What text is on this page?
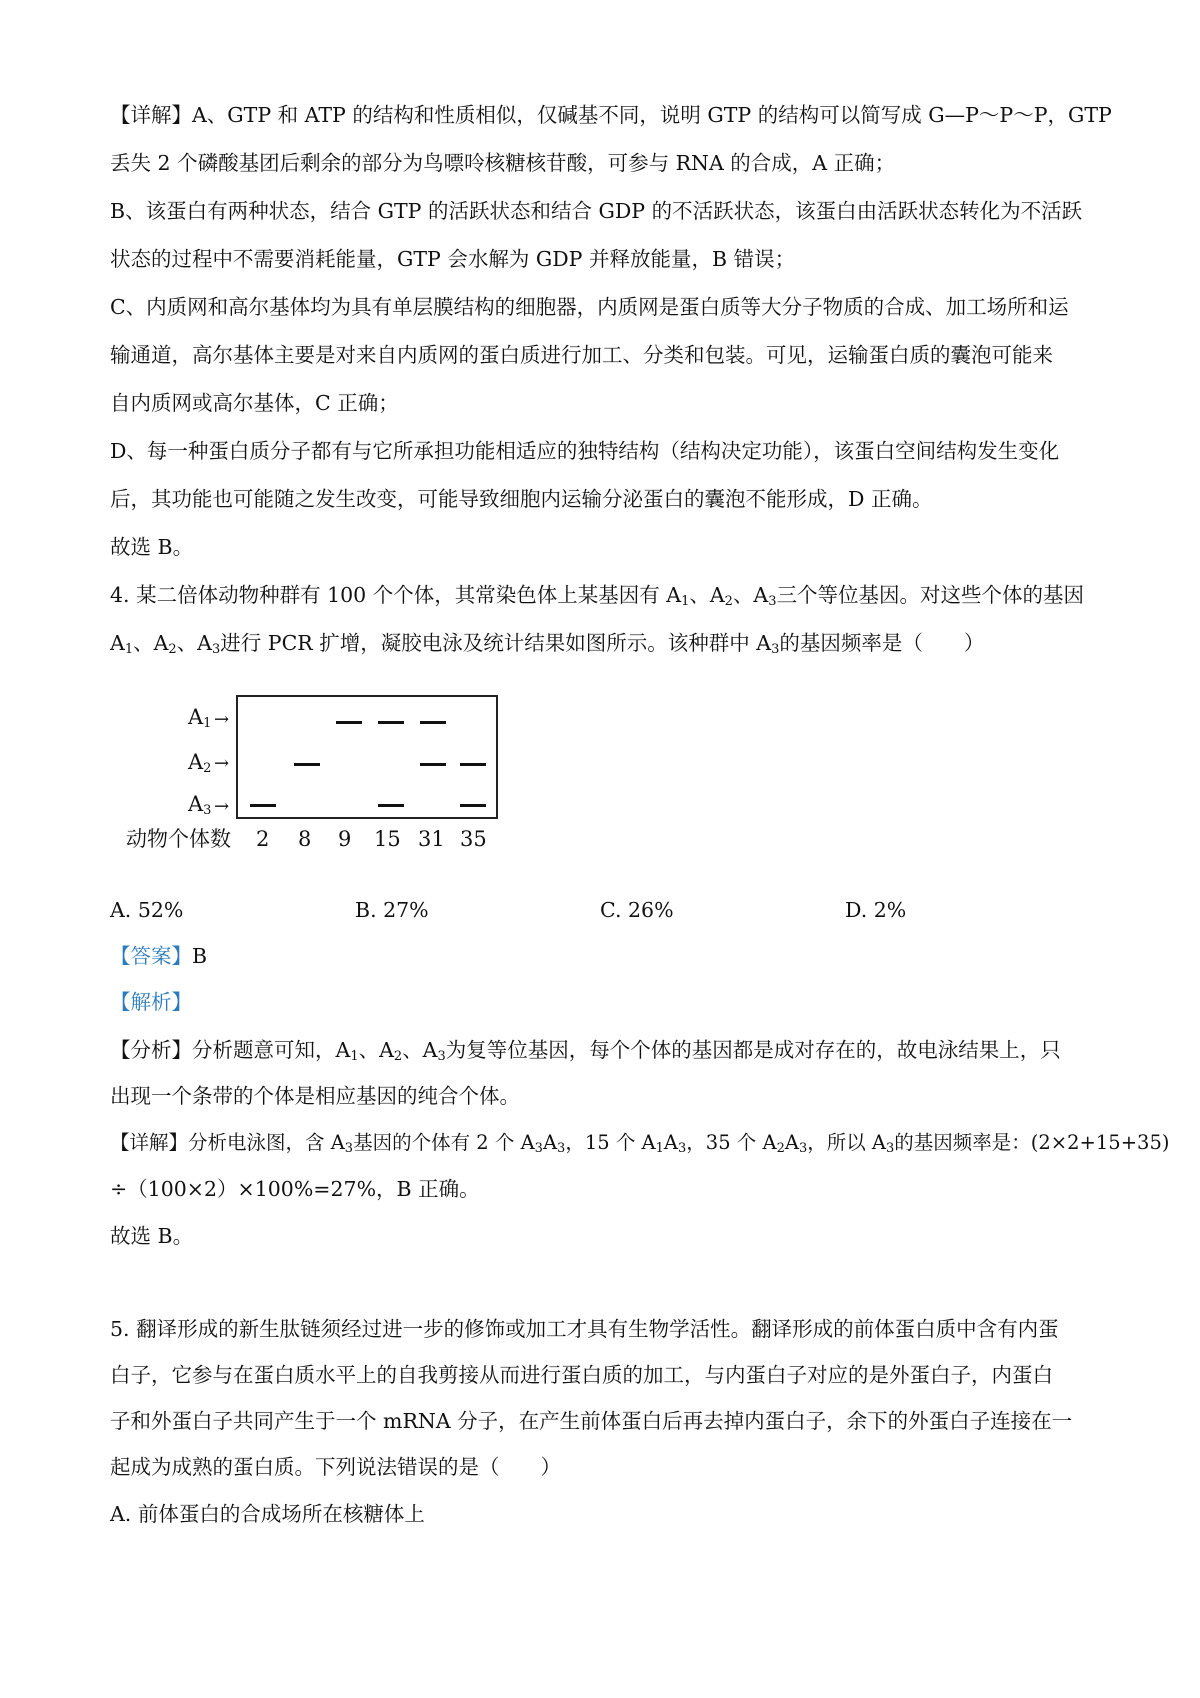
【详解】A、GTP 和 ATP 的结构和性质相似，仅碱基不同，说明 GTP 的结构可以简写成 G—P～P～P，GTP
丢失 2 个磷酸基团后剩余的部分为鸟嘌呤核糖核苷酸，可参与 RNA 的合成，A 正确；
B、该蛋白有两种状态，结合 GTP 的活跃状态和结合 GDP 的不活跃状态，该蛋白由活跃状态转化为不活跃
状态的过程中不需要消耗能量，GTP 会水解为 GDP 并释放能量，B 错误；
C、内质网和高尔基体均为具有单层膜结构的细胞器，内质网是蛋白质等大分子物质的合成、加工场所和运
输通道，高尔基体主要是对来自内质网的蛋白质进行加工、分类和包装。可见，运输蛋白质的囊泡可能来
自内质网或高尔基体，C 正确；
D、每一种蛋白质分子都有与它所承担功能相适应的独特结构（结构决定功能），该蛋白空间结构发生变化
后，其功能也可能随之发生改变，可能导致细胞内运输分泌蛋白的囊泡不能形成，D 正确。
故选 B。
4. 某二倍体动物种群有 100 个个体，其常染色体上某基因有 $A_1$、$A_2$、$A_3$三个等位基因。对这些个体的基因
$A_1$、$A_2$、$A_3$进行 PCR 扩增，凝胶电泳及统计结果如图所示。该种群中 $A_3$的基因频率是（　　）
$A_1$
$A_2$
$A_3$
→
→
→
动物个体数 2 8 9 15 31 35
A. 52%	B. 27%	C. 26%	D. 2%
【答案】B
【解析】
【分析】分析题意可知，$A_1$、$A_2$、$A_3$为复等位基因，每个个体的基因都是成对存在的，故电泳结果上，只
出现一个条带的个体是相应基因的纯合个体。
【详解】分析电泳图，含 $A_3$基因的个体有 2 个 $A_3A_3$，15 个 $A_1A_3$，35 个 $A_2A_3$，所以 $A_3$的基因频率是：(2×2+15+35)
÷（100×2）×100%=27%，B 正确。
故选 B。
5. 翻译形成的新生肽链须经过进一步的修饰或加工才具有生物学活性。翻译形成的前体蛋白质中含有内蛋
白子，它参与在蛋白质水平上的自我剪接从而进行蛋白质的加工，与内蛋白子对应的是外蛋白子，内蛋白
子和外蛋白子共同产生于一个 mRNA 分子，在产生前体蛋白后再去掉内蛋白子，余下的外蛋白子连接在一
起成为成熟的蛋白质。下列说法错误的是（　　）
A. 前体蛋白的合成场所在核糖体上
